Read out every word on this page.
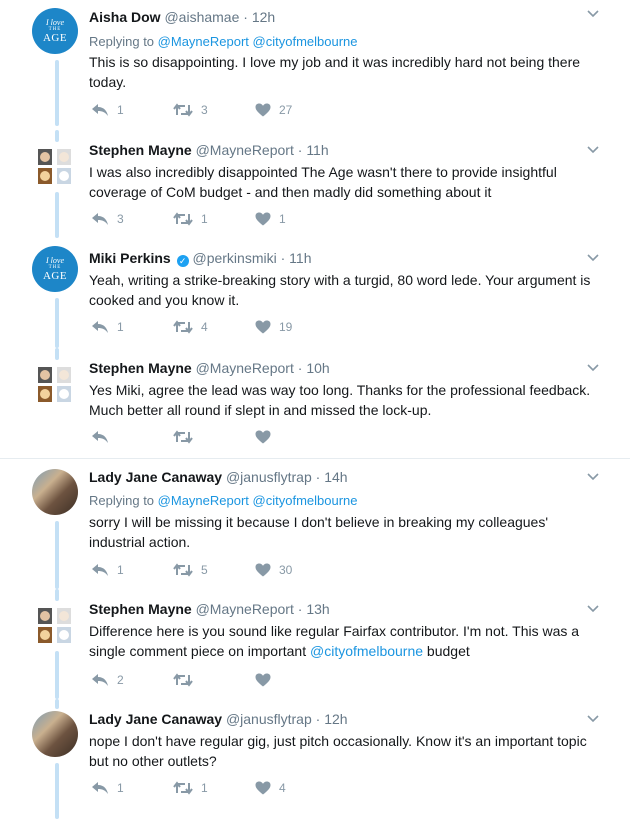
I love
THE
AGE
Aisha Dow @aishamae · 12h
Replying to @MayneReport @cityofmelbourne
This is so disappointing. I love my job and it was incredibly hard not being there today.
1	3	27
Stephen Mayne @MayneReport · 11h
I was also incredibly disappointed The Age wasn't there to provide insightful coverage of CoM budget - and then madly did something about it
3	1	1
I love
THE
AGE
Miki Perkins ✓ @perkinsmiki · 11h
Yeah, writing a strike-breaking story with a turgid, 80 word lede. Your argument is cooked and you know it.
1	4	19
Stephen Mayne @MayneReport · 10h
Yes Miki, agree the lead was way too long. Thanks for the professional feedback. Much better all round if slept in and missed the lock-up.
Lady Jane Canaway @janusflytrap · 14h
Replying to @MayneReport @cityofmelbourne
sorry I will be missing it because I don't believe in breaking my colleagues' industrial action.
1	5	30
Stephen Mayne @MayneReport · 13h
Difference here is you sound like regular Fairfax contributor. I'm not. This was a single comment piece on important @cityofmelbourne budget
2
Lady Jane Canaway @janusflytrap · 12h
nope I don't have regular gig, just pitch occasionally. Know it's an important topic but no other outlets?
1	1	4
